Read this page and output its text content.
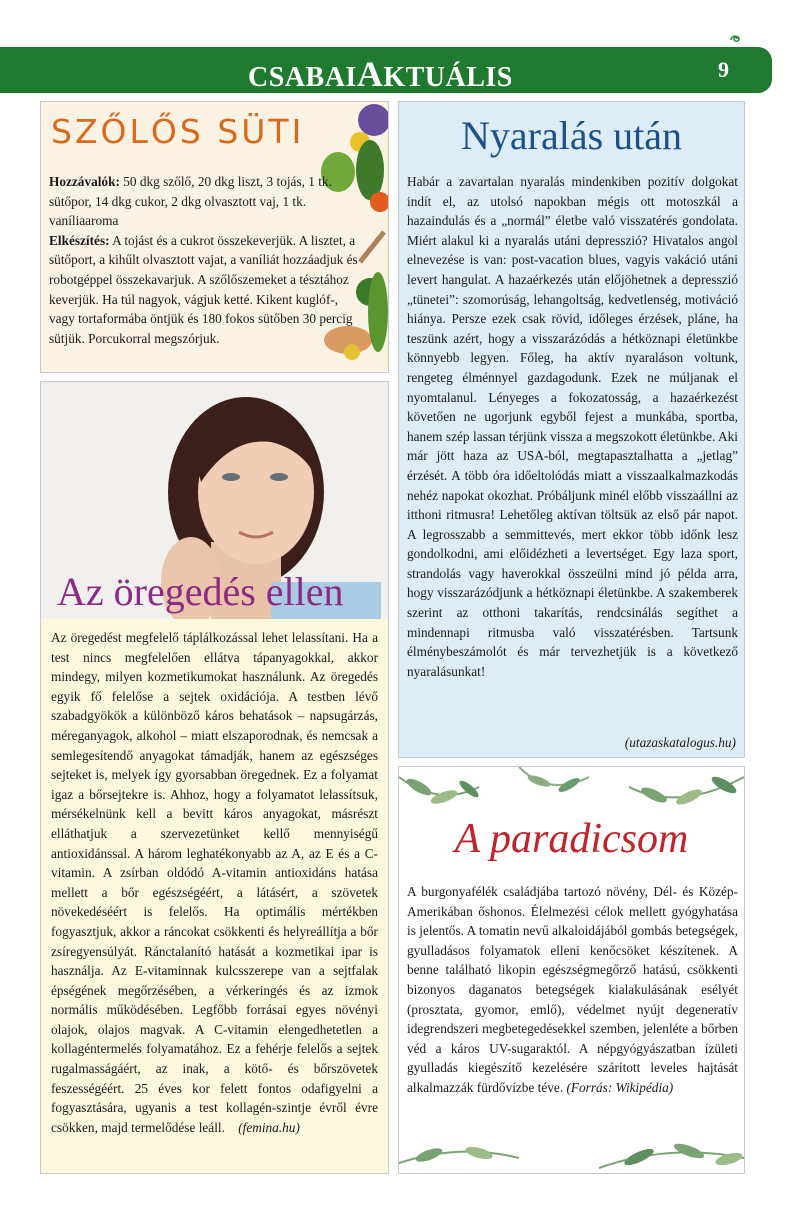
CSABAIAKTUÁLIS	9
SZŐLŐS SÜTI

Hozzávalók: 50 dkg szőlő, 20 dkg liszt, 3 tojás, 1 tk. sütőpor, 14 dkg cukor, 2 dkg olvasztott vaj, 1 tk. vaníliaaroma

Elkészítés: A tojást és a cukrot összekeverjük. A lisztet, a sütőport, a kihűlt olvasztott vajat, a vaníliát hozzáadjuk és robotgéppel összekavarjuk. A szőlőszemeket a tésztához keverjük. Ha túl nagyok, vágjuk ketté. Kikent kuglóf-, vagy tortaformába öntjük és 180 fokos sütőben 30 percig sütjük. Porcukorral megszórjuk.

Az öregedés ellen

Az öregedést megfelelő táplálkozással lehet lelassítani. Ha a test nincs megfelelően ellátva tápanyagokkal, akkor mindegy, milyen kozmetikumokat használunk. Az öregedés egyik fő felelőse a sejtek oxidációja. A testben lévő szabadgyökök a különböző káros behatások – napsugárzás, méreganyagok, alkohol – miatt elszaporodnak, és nemcsak a semlegesítendő anyagokat támadják, hanem az egészséges sejteket is, melyek így gyorsabban öregednek. Ez a folyamat igaz a bőrsejtekre is. Ahhoz, hogy a folyamatot lelassítsuk, mérsékelnünk kell a bevitt káros anyagokat, másrészt elláthatjuk a szervezetünket kellő mennyiségű antioxidánssal. A három leghatékonyabb az A, az E és a C-vitamin. A zsírban oldódó A-vitamin antioxidáns hatása mellett a bőr egészségéért, a látásért, a szövetek növekedéséért is felelős. Ha optimális mértékben fogyasztjuk, akkor a ráncokat csökkenti és helyreállítja a bőr zsíregyensúlyát. Ránctalanító hatását a kozmetikai ipar is használja. Az E-vitaminnak kulcsszerepe van a sejtfalak épségének megőrzésében, a vérkeringés és az izmok normális működésében. Legfőbb forrásai egyes növényi olajok, olajos magvak. A C-vitamin elengedhetetlen a kollagéntermelés folyamatához. Ez a fehérje felelős a sejtek rugalmasságáért, az inak, a kötő- és bőrszövetek feszességéért. 25 éves kor felett fontos odafigyelni a fogyasztására, ugyanis a test kollagén-szintje évről évre csökken, majd termelődése leáll. (femina.hu)

Nyaralás után

Habár a zavartalan nyaralás mindenkiben pozitív dolgokat indít el, az utolsó napokban mégis ott motoszkál a hazaindulás és a „normál” életbe való visszatérés gondolata. Miért alakul ki a nyaralás utáni depresszió? Hivatalos angol elnevezése is van: post-vacation blues, vagyis vakáció utáni levert hangulat. A hazaérkezés után előjöhetnek a depresszió „tünetei”: szomorúság, lehangoltság, kedvetlenség, motiváció hiánya. Persze ezek csak rövid, időleges érzések, pláne, ha teszünk azért, hogy a visszarázódás a hétköznapi életünkbe könnyebb legyen. Főleg, ha aktív nyaraláson voltunk, rengeteg élménnyel gazdagodunk. Ezek ne múljanak el nyomtalanul. Lényeges a fokozatosság, a hazaérkezést követően ne ugorjunk egyből fejest a munkába, sportba, hanem szép lassan térjünk vissza a megszokott életünkbe. Aki már jött haza az USA-ból, megtapasztalhatta a „jetlag” érzését. A több óra időeltolódás miatt a visszaalkalmazkodás nehéz napokat okozhat. Próbáljunk minél előbb visszaállni az itthoni ritmusra! Lehetőleg aktívan töltsük az első pár napot. A legrosszabb a semmittevés, mert ekkor több időnk lesz gondolkodni, ami előidézheti a levertséget. Egy laza sport, strandolás vagy haverokkal összeülni mind jó példa arra, hogy visszarázódjunk a hétköznapi életünkbe. A szakemberek szerint az otthoni takarítás, rendcsinálás segíthet a mindennapi ritmusba való visszatérésben. Tartsunk élménybeszámolót és már tervezhetjük is a következő nyaralásunkat!

(utazaskatalogus.hu)
A paradicsom

A burgonyafélék családjába tartozó növény, Dél- és Közép-Amerikában őshonos. Élelmezési célok mellett gyógyhatása is jelentős. A tomatin nevű alkaloidájából gombás betegségek, gyulladásos folyamatok elleni kenőcsöket készítenek. A benne található likopin egészségmegőrző hatású, csökkenti bizonyos daganatos betegségek kialakulásának esélyét (prosztata, gyomor, emlő), védelmet nyújt degeneratív idegrendszeri megbetegedésekkel szemben, jelenléte a bőrben véd a káros UV-sugaraktól. A népgyógyászatban ízületi gyulladás kiegészítő kezelésére szárított leveles hajtását alkalmazzák fürdővízbe téve. (Forrás: Wikipédia)
